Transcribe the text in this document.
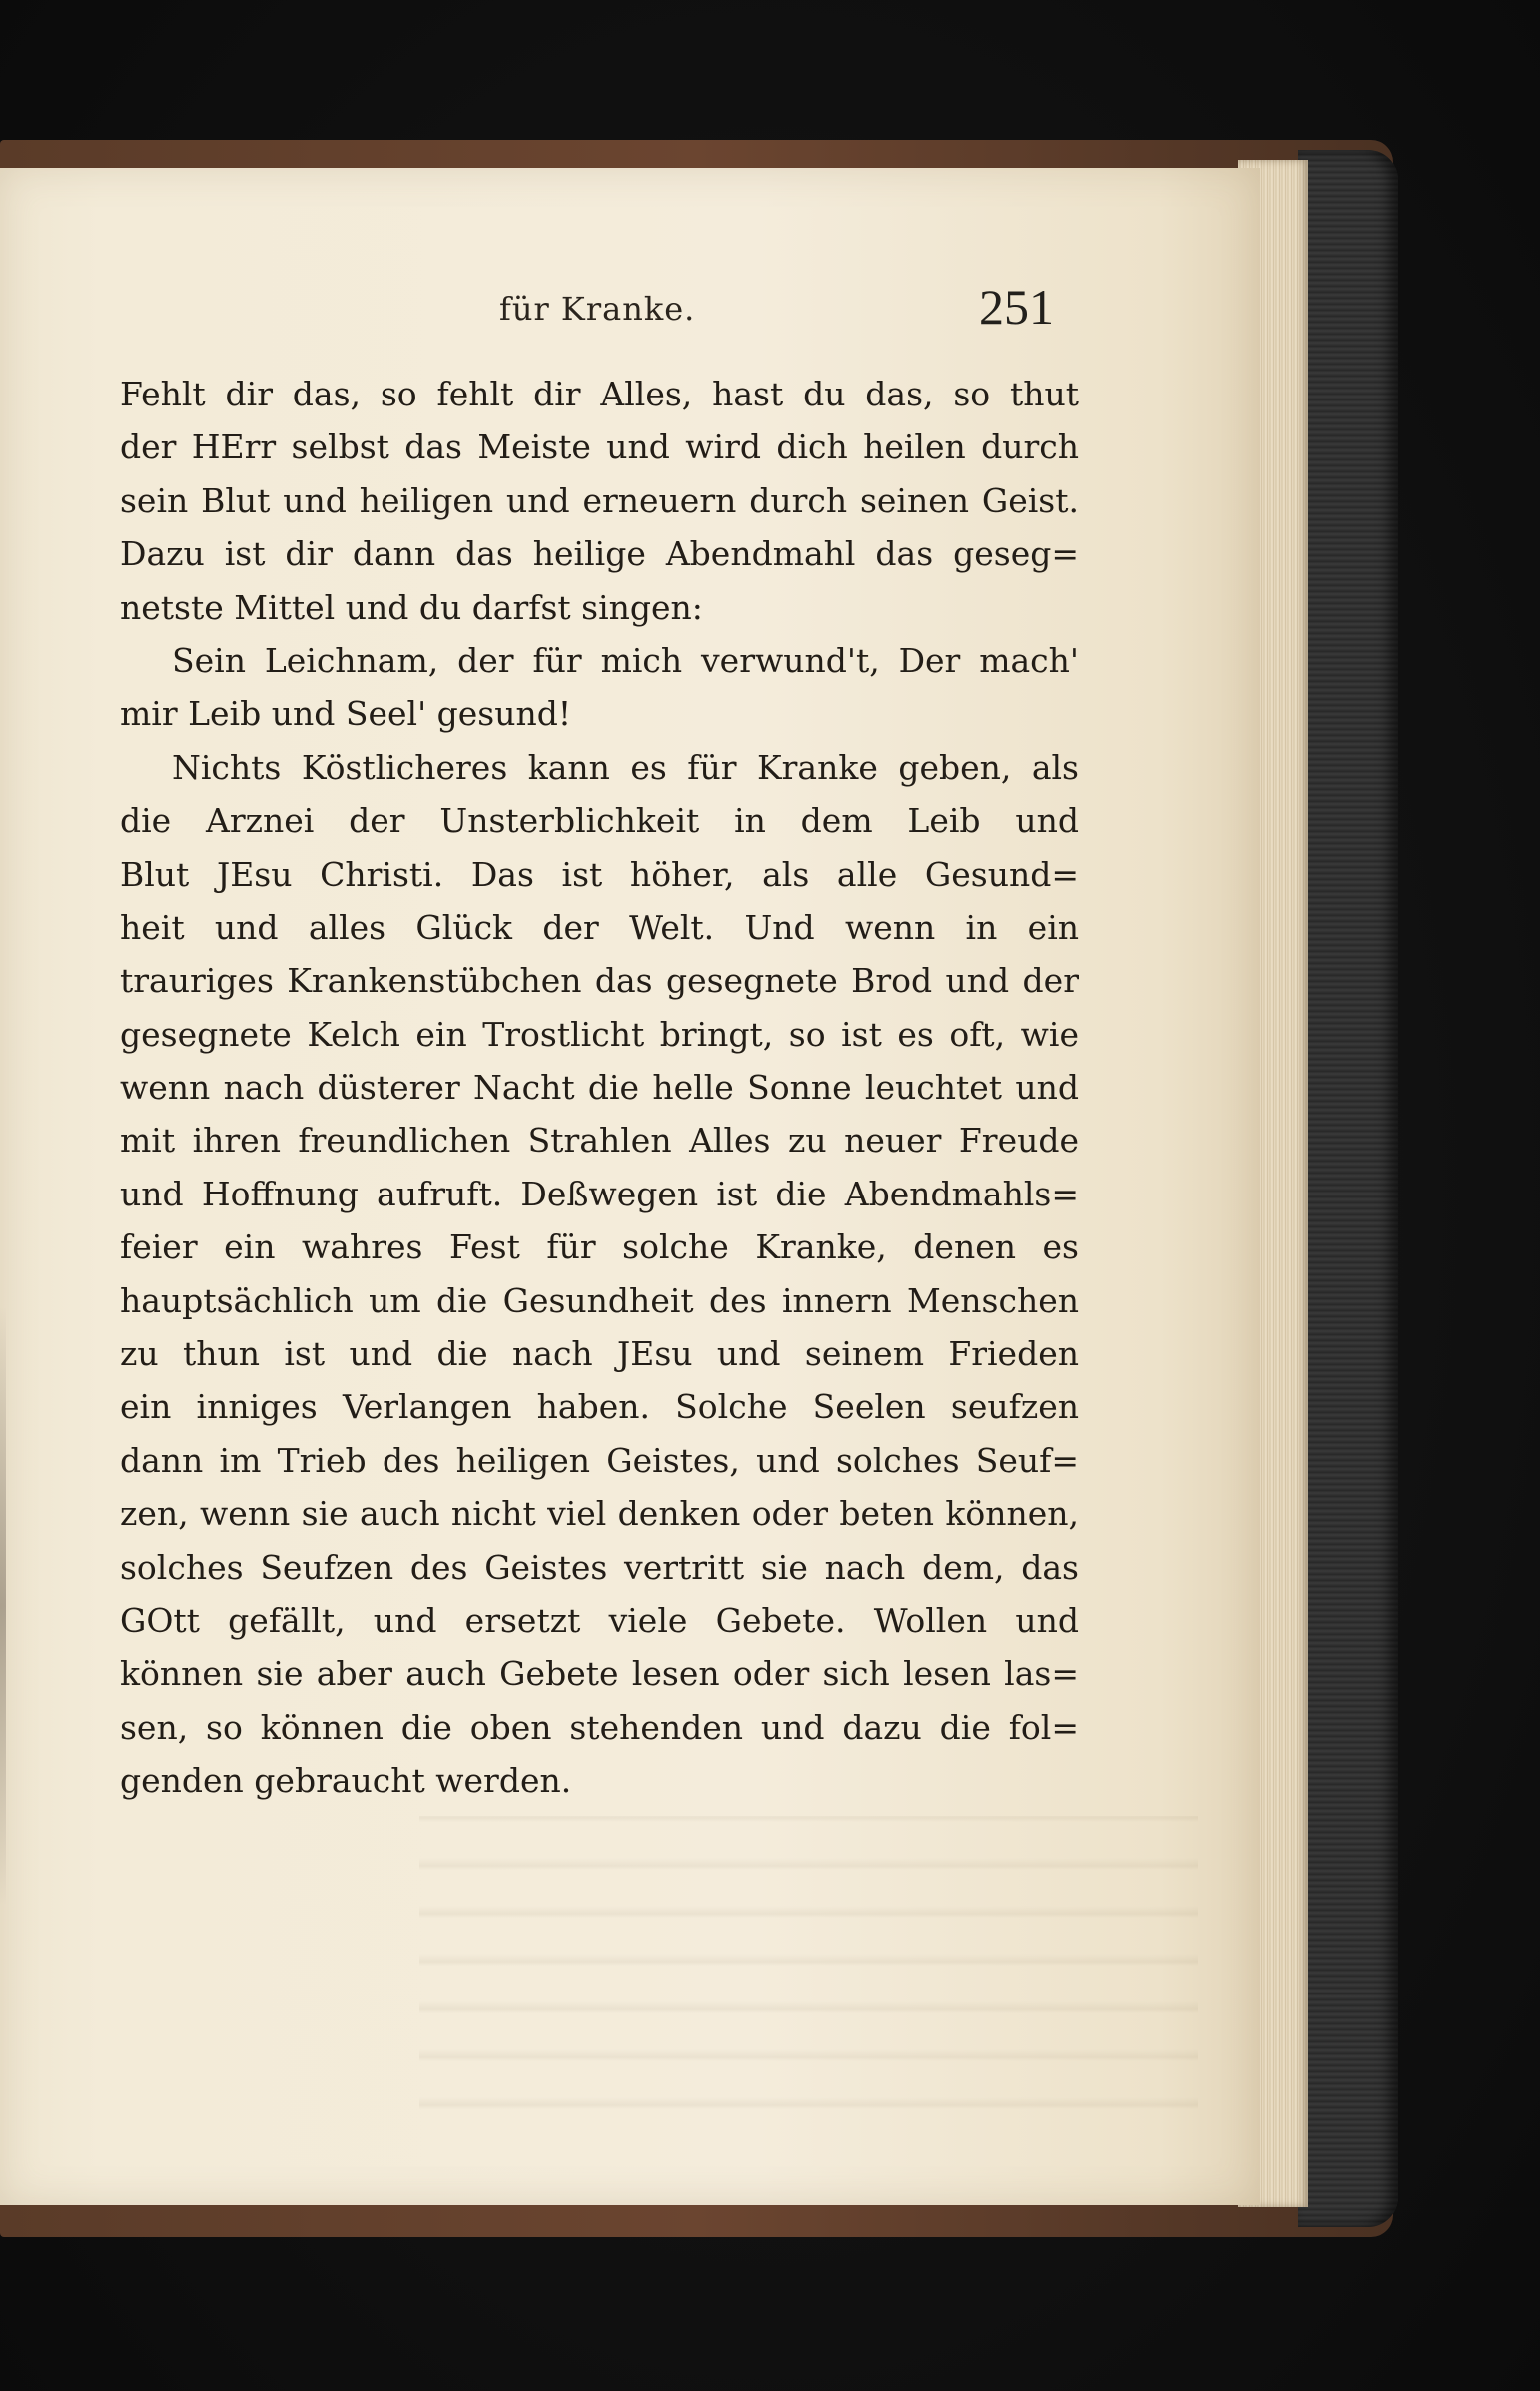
für Kranke.	251
Fehlt dir das, so fehlt dir Alles, hast du das, so thut
der HErr selbst das Meiste und wird dich heilen durch
sein Blut und heiligen und erneuern durch seinen Geist.
Dazu ist dir dann das heilige Abendmahl das geseg=
netste Mittel und du darfst singen:
Sein Leichnam, der für mich verwund't, Der mach'
mir Leib und Seel' gesund!
Nichts Köstlicheres kann es für Kranke geben, als
die Arznei der Unsterblichkeit in dem Leib und
Blut JEsu Christi. Das ist höher, als alle Gesund=
heit und alles Glück der Welt. Und wenn in ein
trauriges Krankenstübchen das gesegnete Brod und der
gesegnete Kelch ein Trostlicht bringt, so ist es oft, wie
wenn nach düsterer Nacht die helle Sonne leuchtet und
mit ihren freundlichen Strahlen Alles zu neuer Freude
und Hoffnung aufruft. Deßwegen ist die Abendmahls=
feier ein wahres Fest für solche Kranke, denen es
hauptsächlich um die Gesundheit des innern Menschen
zu thun ist und die nach JEsu und seinem Frieden
ein inniges Verlangen haben. Solche Seelen seufzen
dann im Trieb des heiligen Geistes, und solches Seuf=
zen, wenn sie auch nicht viel denken oder beten können,
solches Seufzen des Geistes vertritt sie nach dem, das
GOtt gefällt, und ersetzt viele Gebete. Wollen und
können sie aber auch Gebete lesen oder sich lesen las=
sen, so können die oben stehenden und dazu die fol=
genden gebraucht werden.
